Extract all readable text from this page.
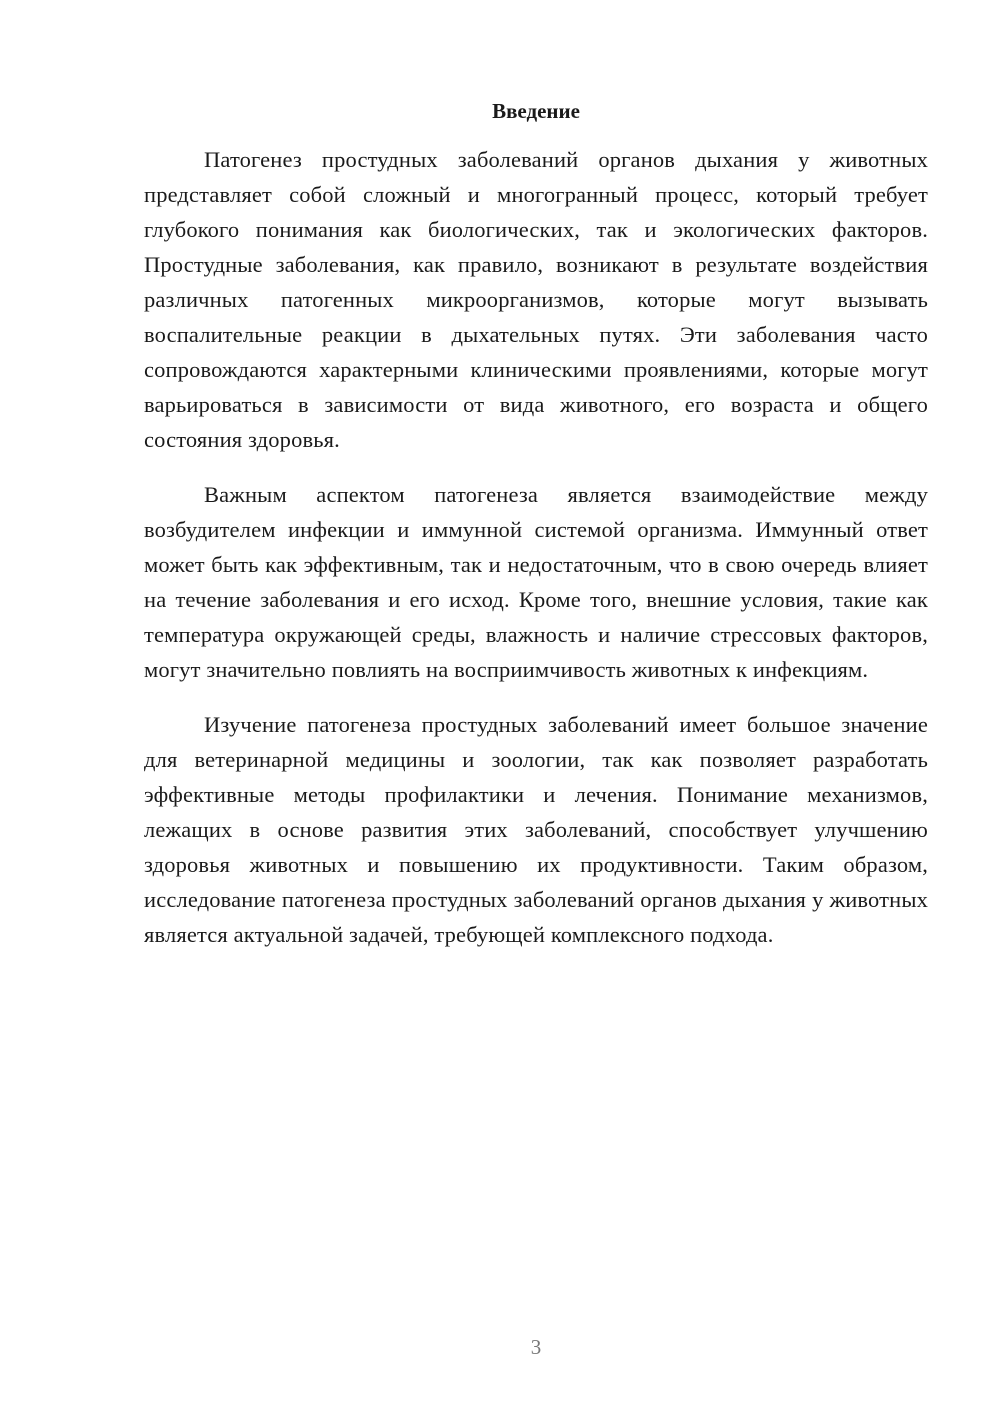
Введение

Патогенез простудных заболеваний органов дыхания у животных представляет собой сложный и многогранный процесс, который требует глубокого понимания как биологических, так и экологических факторов. Простудные заболевания, как правило, возникают в результате воздействия различных патогенных микроорганизмов, которые могут вызывать воспалительные реакции в дыхательных путях. Эти заболевания часто сопровождаются характерными клиническими проявлениями, которые могут варьироваться в зависимости от вида животного, его возраста и общего состояния здоровья.

Важным аспектом патогенеза является взаимодействие между возбудителем инфекции и иммунной системой организма. Иммунный ответ может быть как эффективным, так и недостаточным, что в свою очередь влияет на течение заболевания и его исход. Кроме того, внешние условия, такие как температура окружающей среды, влажность и наличие стрессовых факторов, могут значительно повлиять на восприимчивость животных к инфекциям.

Изучение патогенеза простудных заболеваний имеет большое значение для ветеринарной медицины и зоологии, так как позволяет разработать эффективные методы профилактики и лечения. Понимание механизмов, лежащих в основе развития этих заболеваний, способствует улучшению здоровья животных и повышению их продуктивности. Таким образом, исследование патогенеза простудных заболеваний органов дыхания у животных является актуальной задачей, требующей комплексного подхода.

3
